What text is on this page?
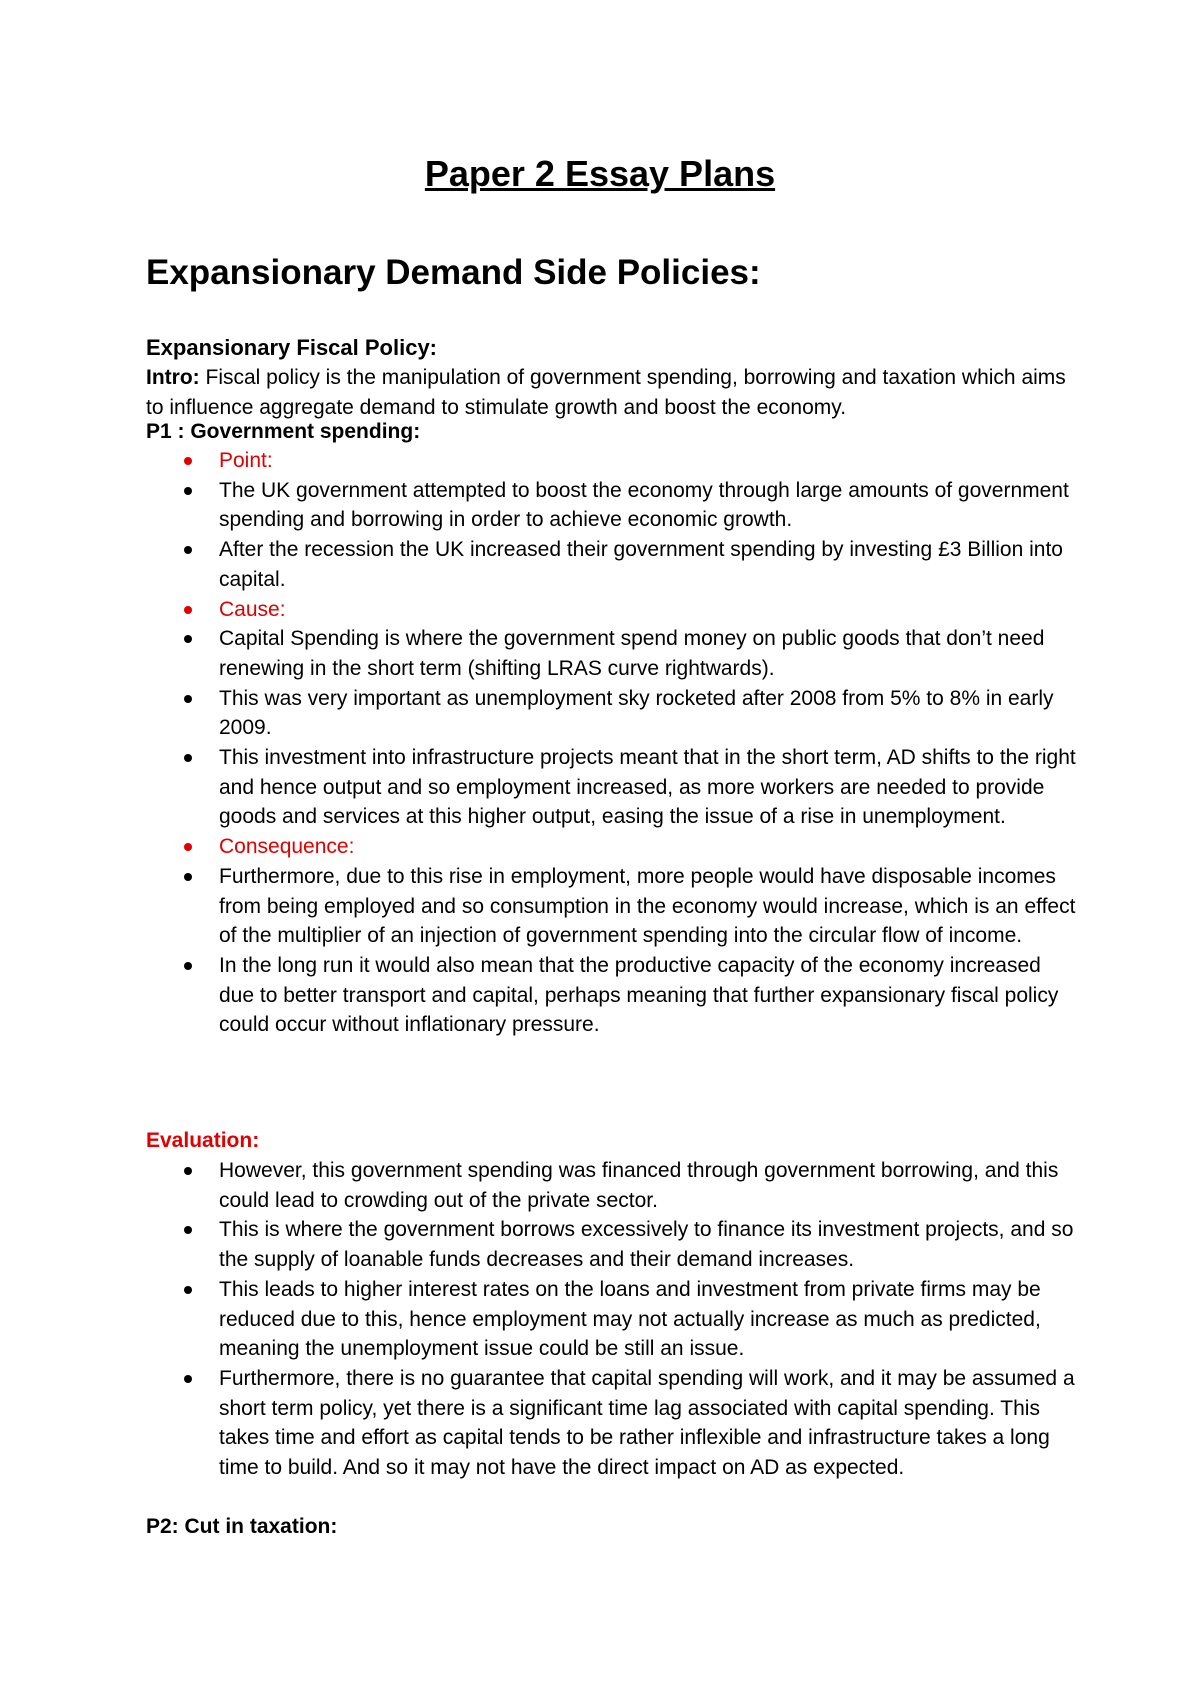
Paper 2 Essay Plans
Expansionary Demand Side Policies:
Expansionary Fiscal Policy:
Intro: Fiscal policy is the manipulation of government spending, borrowing and taxation which aims to influence aggregate demand to stimulate growth and boost the economy.
P1 : Government spending:
Point:
The UK government attempted to boost the economy through large amounts of government spending and borrowing in order to achieve economic growth.
After the recession the UK increased their government spending by investing £3 Billion into capital.
Cause:
Capital Spending is where the government spend money on public goods that don’t need renewing in the short term (shifting LRAS curve rightwards).
This was very important as unemployment sky rocketed after 2008 from 5% to 8% in early 2009.
This investment into infrastructure projects meant that in the short term, AD shifts to the right and hence output and so employment increased, as more workers are needed to provide goods and services at this higher output, easing the issue of a rise in unemployment.
Consequence:
Furthermore, due to this rise in employment, more people would have disposable incomes from being employed and so consumption in the economy would increase, which is an effect of the multiplier of an injection of government spending into the circular flow of income.
In the long run it would also mean that the productive capacity of the economy increased due to better transport and capital, perhaps meaning that further expansionary fiscal policy could occur without inflationary pressure.
Evaluation:
However, this government spending was financed through government borrowing, and this could lead to crowding out of the private sector.
This is where the government borrows excessively to finance its investment projects, and so the supply of loanable funds decreases and their demand increases.
This leads to higher interest rates on the loans and investment from private firms may be reduced due to this, hence employment may not actually increase as much as predicted, meaning the unemployment issue could be still an issue.
Furthermore, there is no guarantee that capital spending will work, and it may be assumed a short term policy, yet there is a significant time lag associated with capital spending. This takes time and effort as capital tends to be rather inflexible and infrastructure takes a long time to build. And so it may not have the direct impact on AD as expected.
P2: Cut in taxation:
